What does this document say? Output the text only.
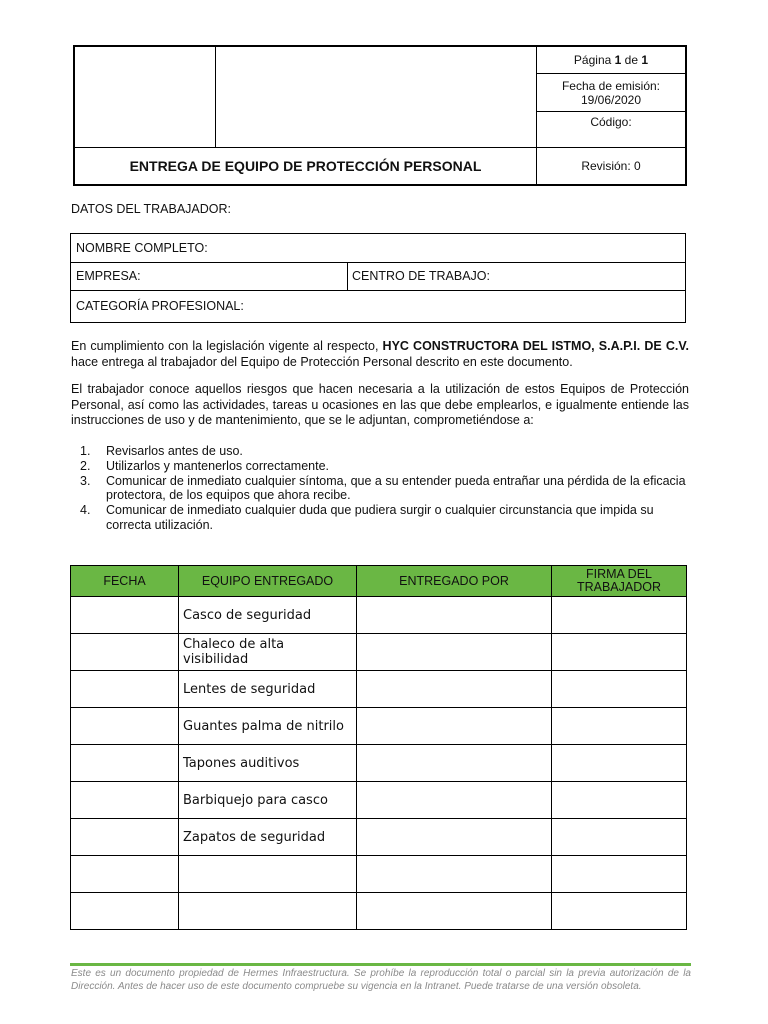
Página
1
de
1
Fecha de emisión:
19/06/2020
Código:
ENTREGA DE EQUIPO DE PROTECCIÓN PERSONAL	Revisión: 0
DATOS DEL TRABAJADOR:
NOMBRE COMPLETO:
EMPRESA:	CENTRO DE TRABAJO:
CATEGORÍA PROFESIONAL:
En cumplimiento con la legislación vigente al respecto, HYC CONSTRUCTORA DEL ISTMO, S.A.P.I. DE C.V. hace entrega al trabajador del Equipo de Protección Personal descrito en este documento.
El trabajador conoce aquellos riesgos que hacen necesaria a la utilización de estos Equipos de Protección Personal, así como las actividades, tareas u ocasiones en las que debe emplearlos, e igualmente entiende las instrucciones de uso y de mantenimiento, que se le adjuntan, comprometiéndose a:
1. Revisarlos antes de uso.
2. Utilizarlos y mantenerlos correctamente.
3. Comunicar de inmediato cualquier síntoma, que a su entender pueda entrañar una pérdida de la eficacia protectora, de los equipos que ahora recibe.
4. Comunicar de inmediato cualquier duda que pudiera surgir o cualquier circunstancia que impida su correcta utilización.
FECHA	EQUIPO ENTREGADO	ENTREGADO POR	FIRMA DEL TRABAJADOR
	Casco de seguridad		
	Chaleco de alta visibilidad		
	Lentes de seguridad		
	Guantes palma de nitrilo		
	Tapones auditivos		
	Barbiquejo para casco		
	Zapatos de seguridad		

Este es un documento propiedad de Hermes Infraestructura. Se prohíbe la reproducción total o parcial sin la previa autorización de la Dirección. Antes de hacer uso de este documento compruebe su vigencia en la Intranet. Puede tratarse de una versión obsoleta.
